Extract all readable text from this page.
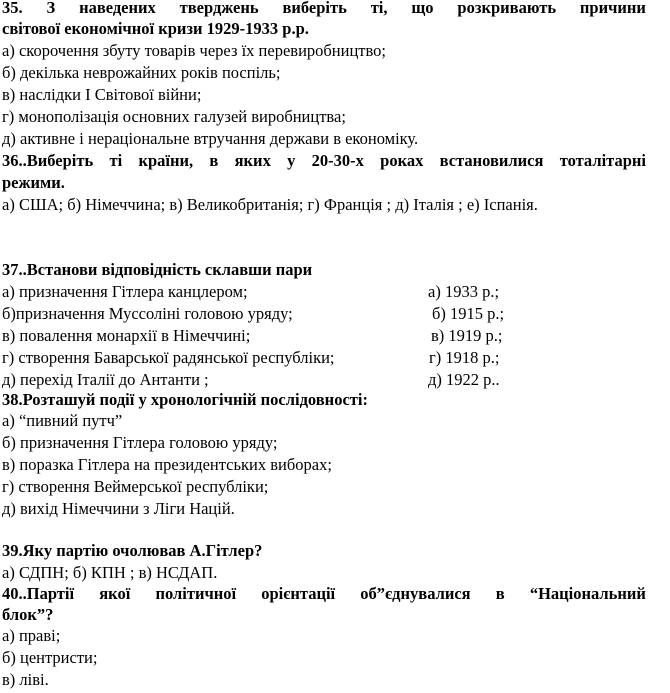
35. З наведених тверджень виберіть ті, що розкривають причини
світової економічної кризи 1929-1933 р.р.
а) скорочення збуту товарів через їх перевиробництво;
б) декілька неврожайних років поспіль;
в) наслідки І Світової війни;
г) монополізація основних галузей виробництва;
д) активне і нераціональне втручання держави в економіку.
36..Виберіть ті країни, в яких у 20-30-х роках встановилися тоталітарні
режими.
а) США; б) Німеччина; в) Великобританія; г) Франція ; д) Італія ; е) Іспанія.
37..Встанови відповідність склавши пари
а) призначення Гітлера канцлером;
б)призначення Муссоліні головою уряду;
в) повалення монархії в Німеччині;
г) створення Баварської радянської республіки;
д) перехід Італії до Антанти ;
а) 1933 р.;
б) 1915 р.;
в) 1919 р.;
г) 1918 р.;
д) 1922 р..
38.Розташуй події у хронологічній послідовності:
а) “пивний путч”
б) призначення Гітлера головою уряду;
в) поразка Гітлера на президентських виборах;
г) створення Веймерської республіки;
д) вихід Німеччини з Ліги Націй.
39.Яку партію очолював А.Гітлер?
а) СДПН; б) КПН ; в) НСДАП.
40..Партії якої політичної орієнтації об”єднувалися в “Національний
блок”?
а) праві;
б) центристи;
в) ліві.
